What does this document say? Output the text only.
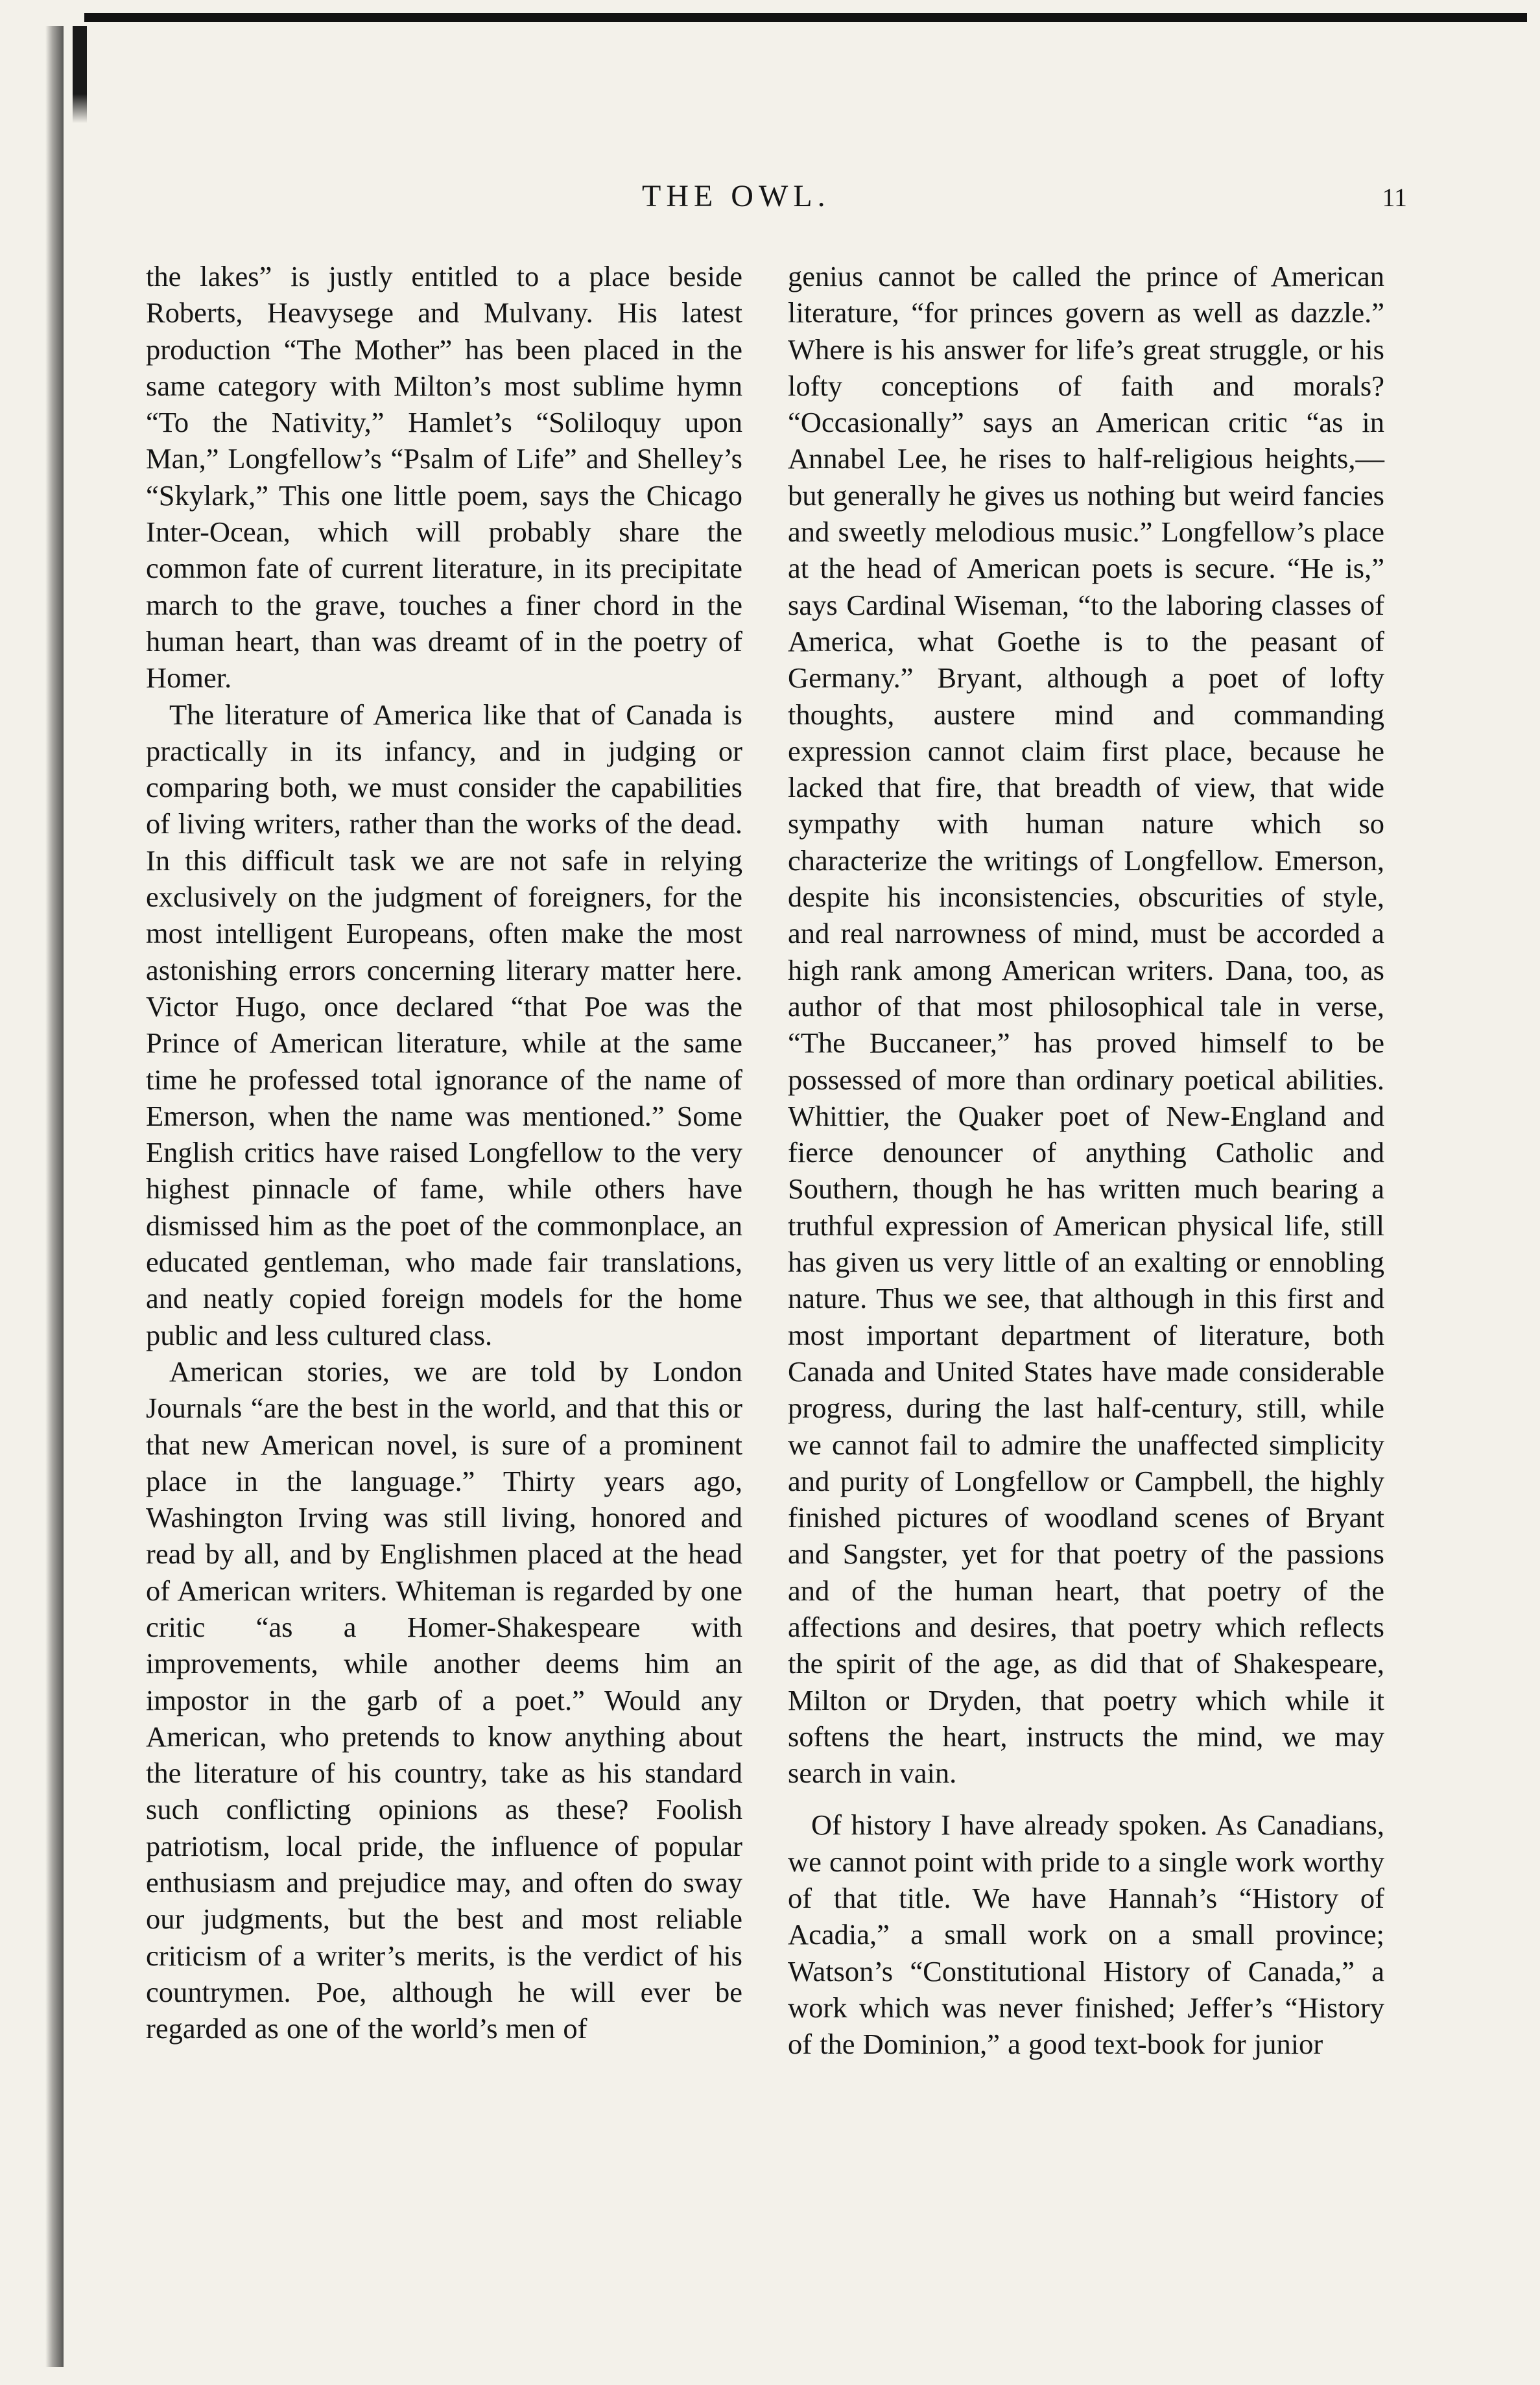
THE OWL.	11

the lakes” is justly entitled to a place beside Roberts, Heavysege and Mulvany. His latest production “The Mother” has been placed in the same category with Milton’s most sublime hymn “To the Nativity,” Hamlet’s “Soliloquy upon Man,” Longfellow’s “Psalm of Life” and Shelley’s “Skylark,” This one little poem, says the Chicago Inter-Ocean, which will probably share the common fate of current literature, in its precipitate march to the grave, touches a finer chord in the human heart, than was dreamt of in the poetry of Homer.

The literature of America like that of Canada is practically in its infancy, and in judging or comparing both, we must consider the capabilities of living writers, rather than the works of the dead. In this difficult task we are not safe in relying exclusively on the judgment of foreigners, for the most intelligent Europeans, often make the most astonishing errors concerning literary matter here. Victor Hugo, once declared “that Poe was the Prince of American literature, while at the same time he professed total ignorance of the name of Emerson, when the name was mentioned.” Some English critics have raised Longfellow to the very highest pinnacle of fame, while others have dismissed him as the poet of the commonplace, an educated gentleman, who made fair translations, and neatly copied foreign models for the home public and less cultured class.

American stories, we are told by London Journals “are the best in the world, and that this or that new American novel, is sure of a prominent place in the language.” Thirty years ago, Washington Irving was still living, honored and read by all, and by Englishmen placed at the head of American writers. Whiteman is regarded by one critic “as a Homer-Shakespeare with improvements, while another deems him an impostor in the garb of a poet.” Would any American, who pretends to know anything about the literature of his country, take as his standard such conflicting opinions as these? Foolish patriotism, local pride, the influence of popular enthusiasm and prejudice may, and often do sway our judgments, but the best and most reliable criticism of a writer’s merits, is the verdict of his countrymen. Poe, although he will ever be regarded as one of the world’s men of

genius cannot be called the prince of American literature, “for princes govern as well as dazzle.” Where is his answer for life’s great struggle, or his lofty conceptions of faith and morals? “Occasionally” says an American critic “as in Annabel Lee, he rises to half-religious heights,—but generally he gives us nothing but weird fancies and sweetly melodious music.” Longfellow’s place at the head of American poets is secure. “He is,” says Cardinal Wiseman, “to the laboring classes of America, what Goethe is to the peasant of Germany.” Bryant, although a poet of lofty thoughts, austere mind and commanding expression cannot claim first place, because he lacked that fire, that breadth of view, that wide sympathy with human nature which so characterize the writings of Longfellow. Emerson, despite his inconsistencies, obscurities of style, and real narrowness of mind, must be accorded a high rank among American writers. Dana, too, as author of that most philosophical tale in verse, “The Buccaneer,” has proved himself to be possessed of more than ordinary poetical abilities. Whittier, the Quaker poet of New-England and fierce denouncer of anything Catholic and Southern, though he has written much bearing a truthful expression of American physical life, still has given us very little of an exalting or ennobling nature. Thus we see, that although in this first and most important department of literature, both Canada and United States have made considerable progress, during the last half-century, still, while we cannot fail to admire the unaffected simplicity and purity of Longfellow or Campbell, the highly finished pictures of woodland scenes of Bryant and Sangster, yet for that poetry of the passions and of the human heart, that poetry of the affections and desires, that poetry which reflects the spirit of the age, as did that of Shakespeare, Milton or Dryden, that poetry which while it softens the heart, instructs the mind, we may search in vain.

Of history I have already spoken. As Canadians, we cannot point with pride to a single work worthy of that title. We have Hannah’s “History of Acadia,” a small work on a small province; Watson’s “Constitutional History of Canada,” a work which was never finished; Jeffer’s “History of the Dominion,” a good text-book for junior
